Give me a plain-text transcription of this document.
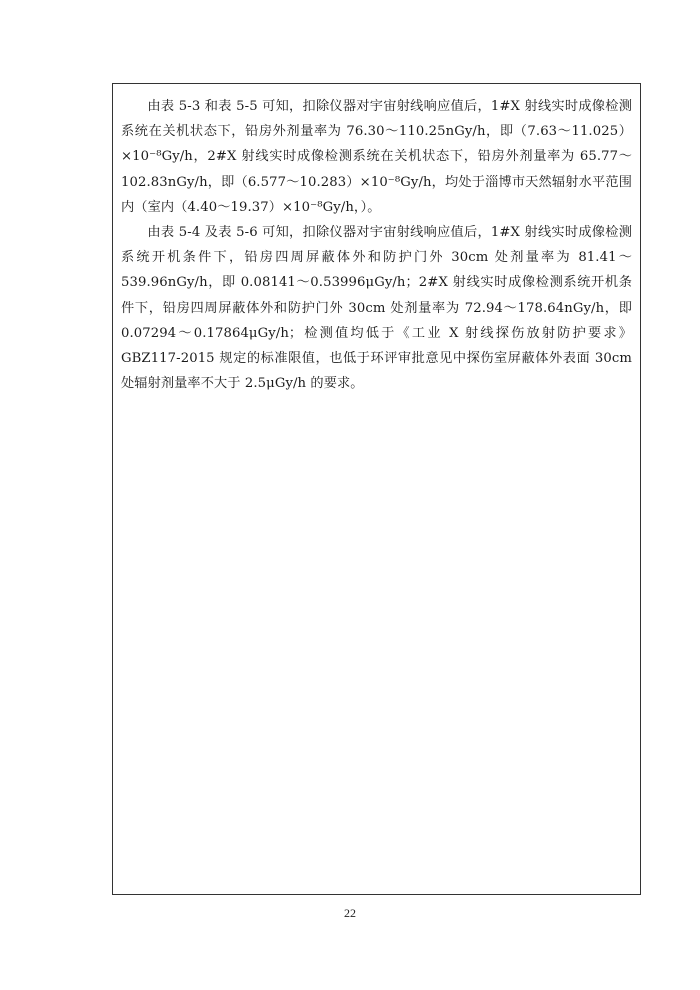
由表 5-3 和表 5-5 可知，扣除仪器对宇宙射线响应值后，1#X 射线实时成像检测系统在关机状态下，铅房外剂量率为 76.30～110.25nGy/h，即（7.63～11.025）×10⁻⁸Gy/h，2#X 射线实时成像检测系统在关机状态下，铅房外剂量率为 65.77～102.83nGy/h，即（6.577～10.283）×10⁻⁸Gy/h，均处于淄博市天然辐射水平范围内（室内（4.40～19.37）×10⁻⁸Gy/h，）。

由表 5-4 及表 5-6 可知，扣除仪器对宇宙射线响应值后，1#X 射线实时成像检测系统开机条件下，铅房四周屏蔽体外和防护门外 30cm 处剂量率为 81.41～539.96nGy/h，即 0.08141～0.53996μGy/h；2#X 射线实时成像检测系统开机条件下，铅房四周屏蔽体外和防护门外 30cm 处剂量率为 72.94～178.64nGy/h，即 0.07294～0.17864μGy/h；检测值均低于《工业 X 射线探伤放射防护要求》GBZ117-2015 规定的标准限值，也低于环评审批意见中探伤室屏蔽体外表面 30cm 处辐射剂量率不大于 2.5μGy/h 的要求。

22
